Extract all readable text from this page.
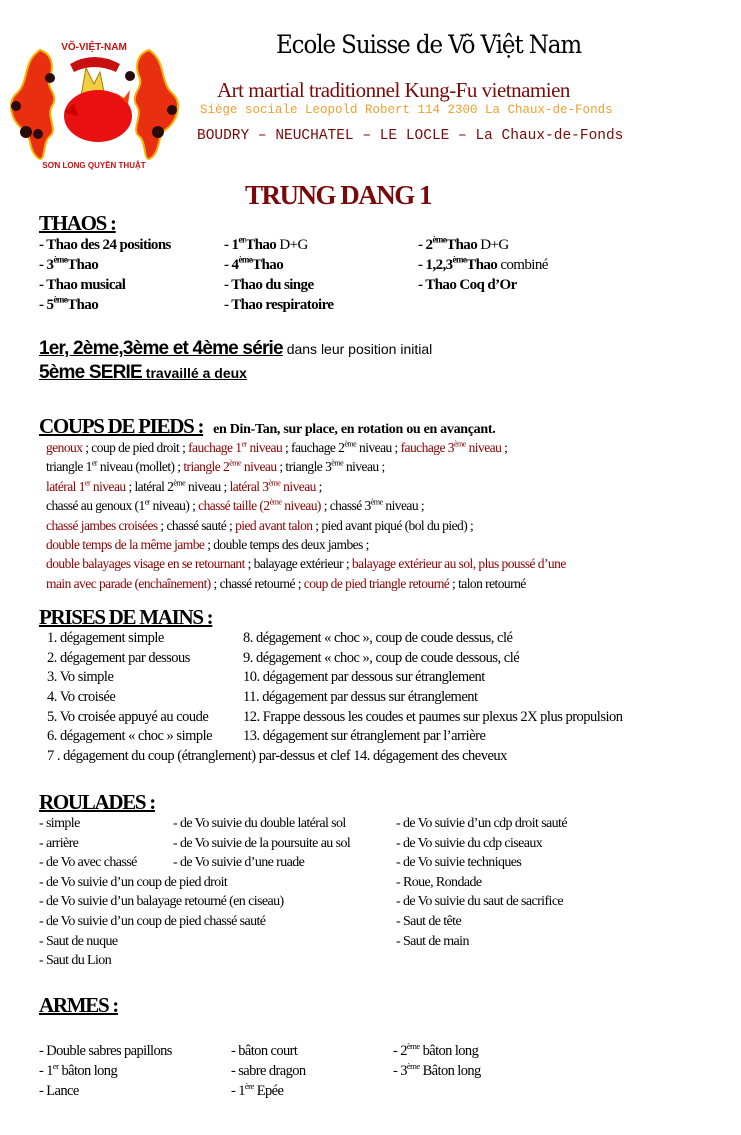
VÕ-VIỆT-NAM
SƠN LONG QUYỀN THUẬT
Ecole Suisse de Võ Việt Nam
Art martial traditionnel Kung-Fu vietnamien
Siège sociale Leopold Robert 114 2300 La Chaux-de-Fonds
BOUDRY – NEUCHATEL – LE LOCLE – La Chaux-de-Fonds
TRUNG DANG 1
THAOS :
- Thao des 24 positions
- 3èmeThao
- Thao musical
- 5èmeThao
- 1erThao D+G
- 4èmeThao
- Thao du singe
- Thao respiratoire
- 2èmeThao D+G
- 1,2,3èmeThao combiné
- Thao Coq d’Or
1er, 2ème,3ème et 4ème série dans leur position initial
5ème SERIE travaillé a deux
COUPS DE PIEDS : en Din-Tan, sur place, en rotation ou en avançant.
genoux ; coup de pied droit ; fauchage 1er niveau ; fauchage 2ème niveau ; fauchage 3ème niveau ;
triangle 1er niveau (mollet) ; triangle 2ème niveau ; triangle 3ème niveau ;
latéral 1er niveau ; latéral 2ème niveau ; latéral 3ème niveau ;
chassé au genoux (1er niveau) ; chassé taille (2ème niveau) ; chassé 3ème niveau ;
chassé jambes croisées ; chassé sauté ; pied avant talon ; pied avant piqué (bol du pied) ;
double temps de la même jambe ; double temps des deux jambes ;
double balayages visage en se retournant ; balayage extérieur ; balayage extérieur au sol, plus poussé d’une
main avec parade (enchaînement) ; chassé retourné ; coup de pied triangle retourné ; talon retourné
PRISES DE MAINS :
1. dégagement simple
2. dégagement par dessous
3. Vo simple
4. Vo croisée
5. Vo croisée appuyé au coude
6. dégagement « choc » simple
7 . dégagement du coup (étranglement) par-dessus et clef 14. dégagement des cheveux
8. dégagement « choc », coup de coude dessus, clé
9. dégagement « choc », coup de coude dessous, clé
10. dégagement par dessous sur étranglement
11. dégagement par dessus sur étranglement
12. Frappe dessous les coudes et paumes sur plexus 2X plus propulsion
13. dégagement sur étranglement par l’arrière
ROULADES :
- simple
- arrière
- de Vo avec chassé
- de Vo suivie d’un coup de pied droit
- de Vo suivie d’un balayage retourné (en ciseau)
- de Vo suivie d’un coup de pied chassé sauté
- Saut de nuque
- Saut du Lion
- de Vo suivie du double latéral sol
- de Vo suivie de la poursuite au sol
- de Vo suivie d’une ruade
- de Vo suivie d’un cdp droit sauté
- de Vo suivie du cdp ciseaux
- de Vo suivie techniques
- Roue, Rondade
- de Vo suivie du saut de sacrifice
- Saut de tête
- Saut de main
ARMES :
- Double sabres papillons
- 1er bâton long
- Lance
- bâton court
- sabre dragon
- 1ère Epée
- 2ème bâton long
- 3ème Bâton long
